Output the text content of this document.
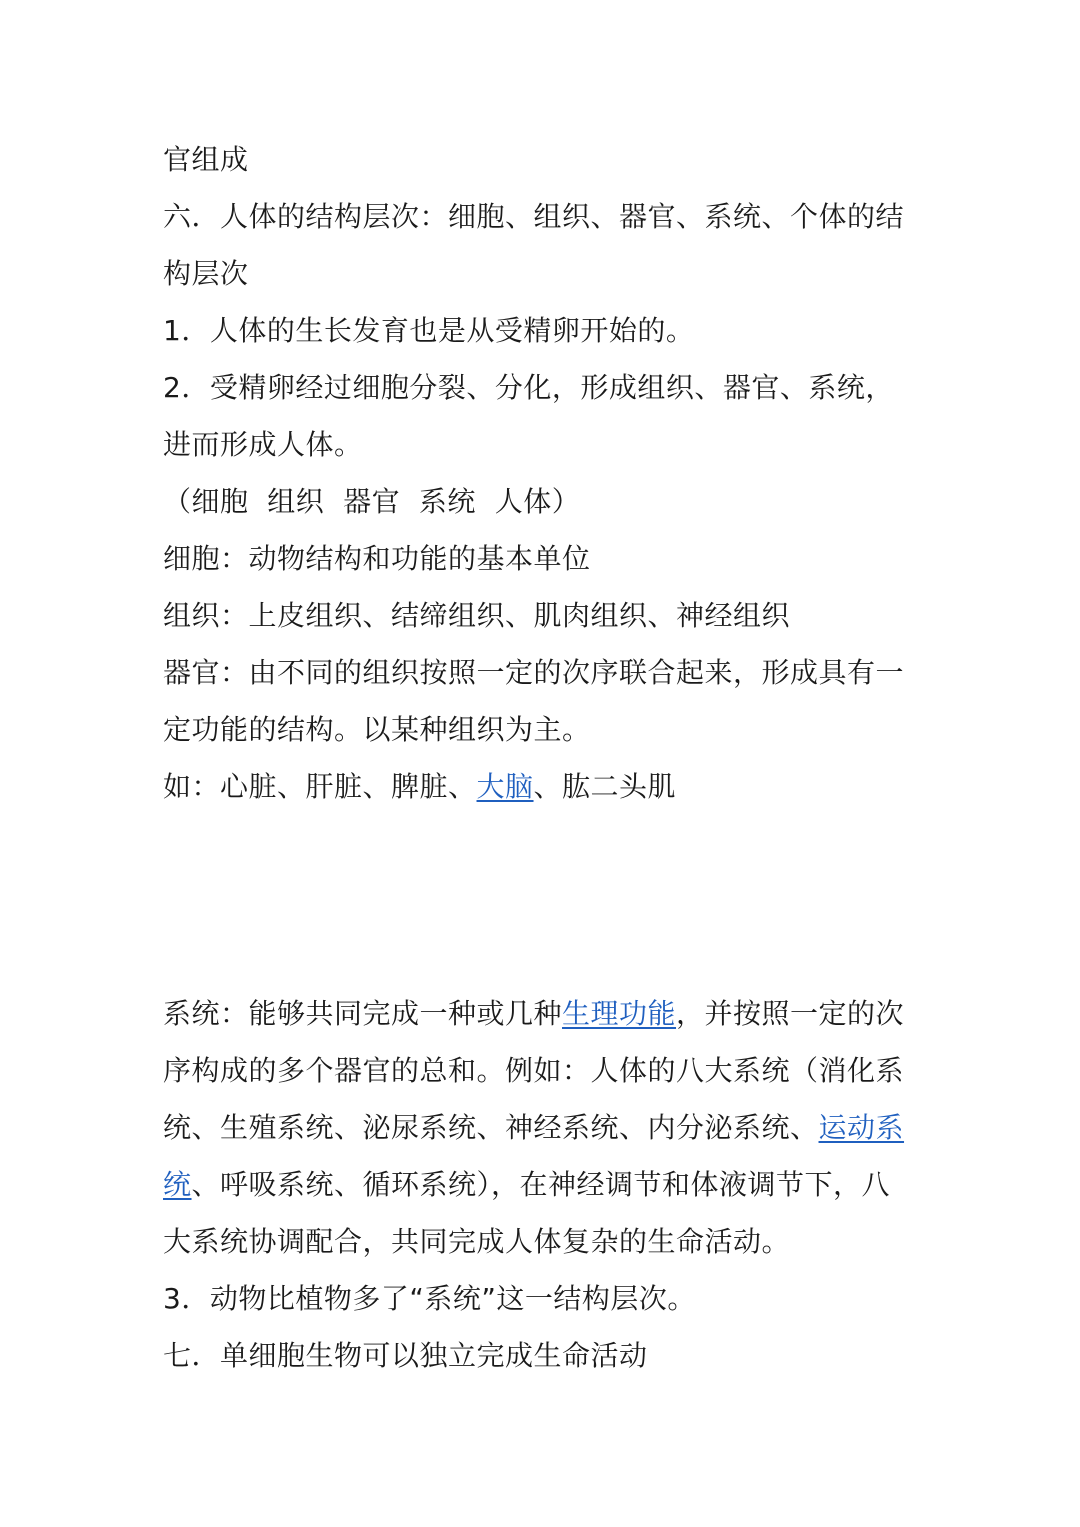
官组成
六．人体的结构层次：细胞、组织、器官、系统、个体的结
构层次
1．人体的生长发育也是从受精卵开始的。
2．受精卵经过细胞分裂、分化，形成组织、器官、系统，
进而形成人体。
（细胞  组织  器官  系统  人体）
细胞：动物结构和功能的基本单位
组织：上皮组织、结缔组织、肌肉组织、神经组织
器官：由不同的组织按照一定的次序联合起来，形成具有一
定功能的结构。以某种组织为主。
如：心脏、肝脏、脾脏、大脑、肱二头肌
系统：能够共同完成一种或几种生理功能，并按照一定的次
序构成的多个器官的总和。例如：人体的八大系统（消化系
统、生殖系统、泌尿系统、神经系统、内分泌系统、运动系
统、呼吸系统、循环系统），在神经调节和体液调节下，八
大系统协调配合，共同完成人体复杂的生命活动。
3．动物比植物多了“系统”这一结构层次。
七．单细胞生物可以独立完成生命活动
